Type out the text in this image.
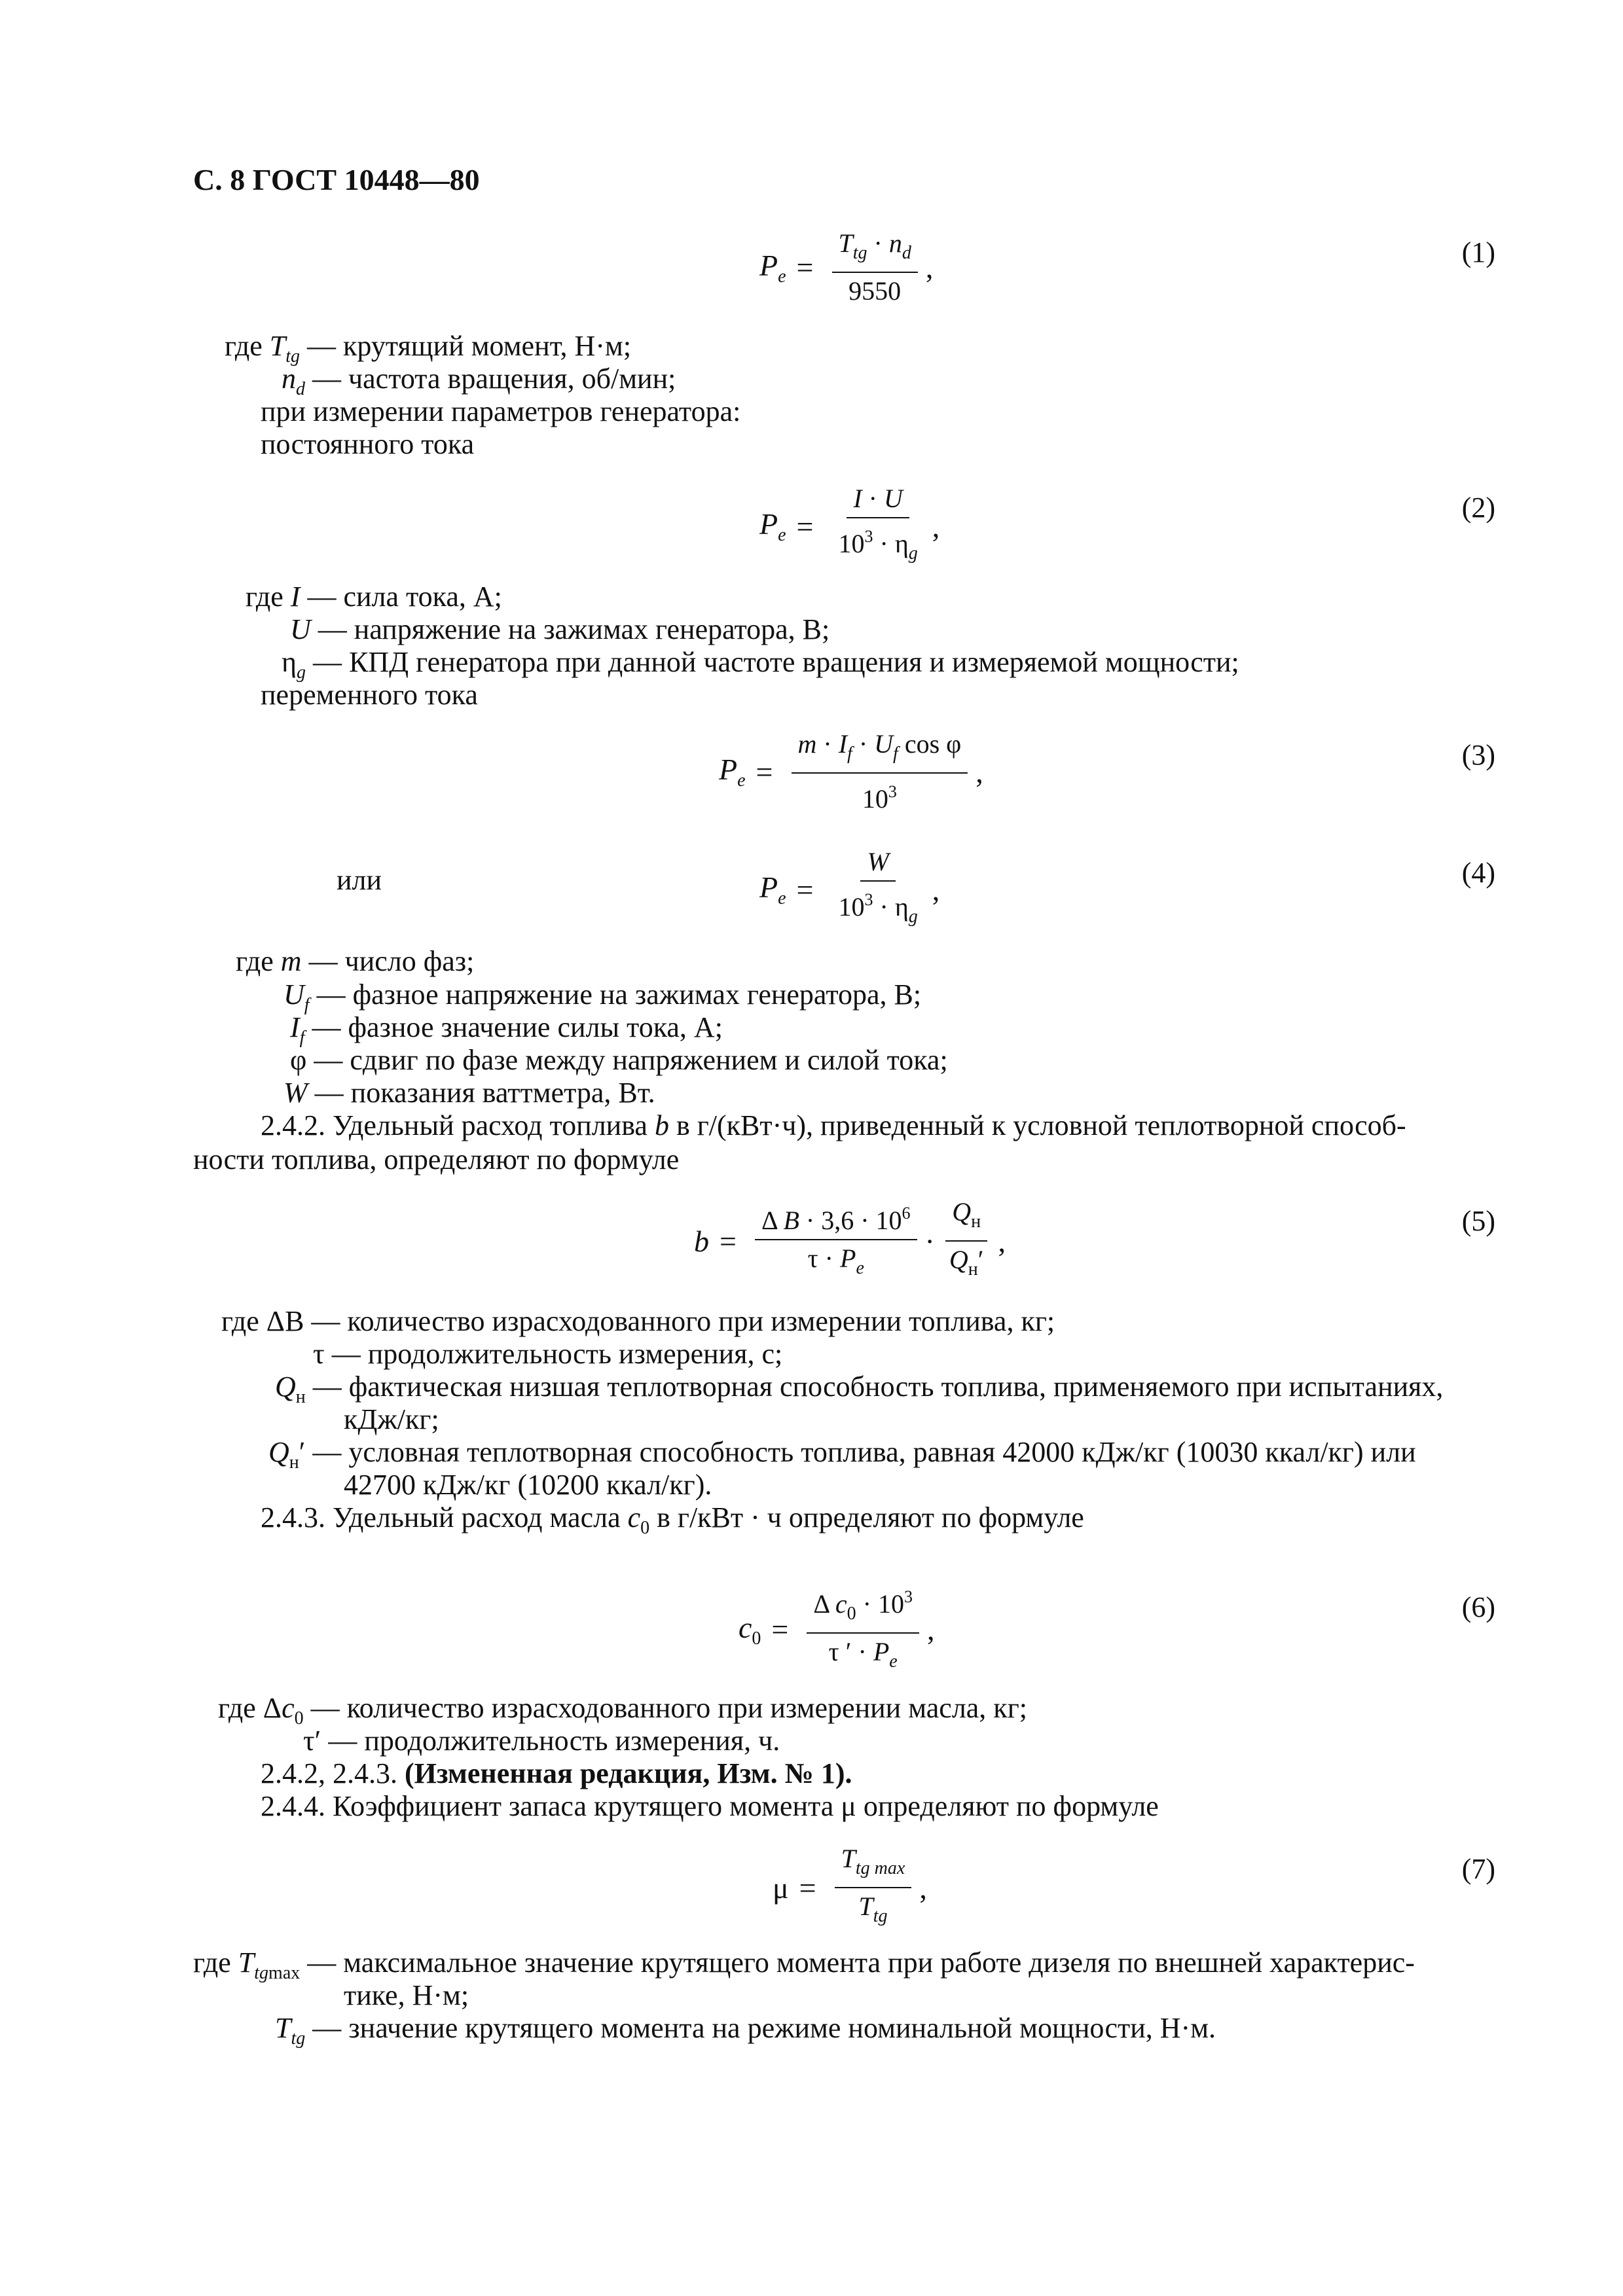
С. 8 ГОСТ 10448—80
$P_e = \frac{T_{tg} \cdot n_d}{9550}$ ,	(1)
где $T_{tg}$ — крутящий момент, Н·м;
$n_d$ — частота вращения, об/мин;
при измерении параметров генератора:
постоянного тока
$P_e = \frac{I \cdot U}{10^3 \cdot \eta_g}$ ,
(2)
где I — сила тока, А;
U — напряжение на зажимах генератора, В;
$\eta_g$ — КПД генератора при данной частоте вращения и измеряемой мощности;
переменного тока
$P_e = \frac{m \cdot I_f \cdot U_f \cos \varphi}{10^3}$ ,	(3)
или	$P_e = \frac{W}{10^3 \cdot \eta_g}$ ,	(4)
где m — число фаз;
$U_f$ — фазное напряжение на зажимах генератора, В;
$I_f$ — фазное значение силы тока, А;
φ — сдвиг по фазе между напряжением и силой тока;
W — показания ваттметра, Вт.
2.4.2. Удельный расход топлива b в г/(кВт·ч), приведенный к условной теплотворной способ-
ности топлива, определяют по формуле
$b = \frac{\Delta B \cdot 3,6 \cdot 10^6}{\tau \cdot P_e} \cdot \frac{Q_н}{Q_н'}$ ,
(5)
где ΔB — количество израсходованного при измерении топлива, кг;
τ — продолжительность измерения, с;
$Q_н$ — фактическая низшая теплотворная способность топлива, применяемого при испытаниях,
кДж/кг;
$Q_н'$ — условная теплотворная способность топлива, равная 42000 кДж/кг (10030 ккал/кг) или
42700 кДж/кг (10200 ккал/кг).
2.4.3. Удельный расход масла $c_0$ в г/кВт · ч определяют по формуле
$c_0 = \frac{\Delta c_0 \cdot 10^3}{\tau ' \cdot P_e}$ ,
(6)
где $\Delta c_0$ — количество израсходованного при измерении масла, кг;
τ′ — продолжительность измерения, ч.
2.4.2, 2.4.3. (Измененная редакция, Изм. № 1).
2.4.4. Коэффициент запаса крутящего момента μ определяют по формуле
$\mu = \frac{T_{tg max}}{T_{tg}}$ ,
(7)
где $T_{tgmax}$ — максимальное значение крутящего момента при работе дизеля по внешней характерис-
тике, Н·м;
$T_{tg}$ — значение крутящего момента на режиме номинальной мощности, Н·м.
